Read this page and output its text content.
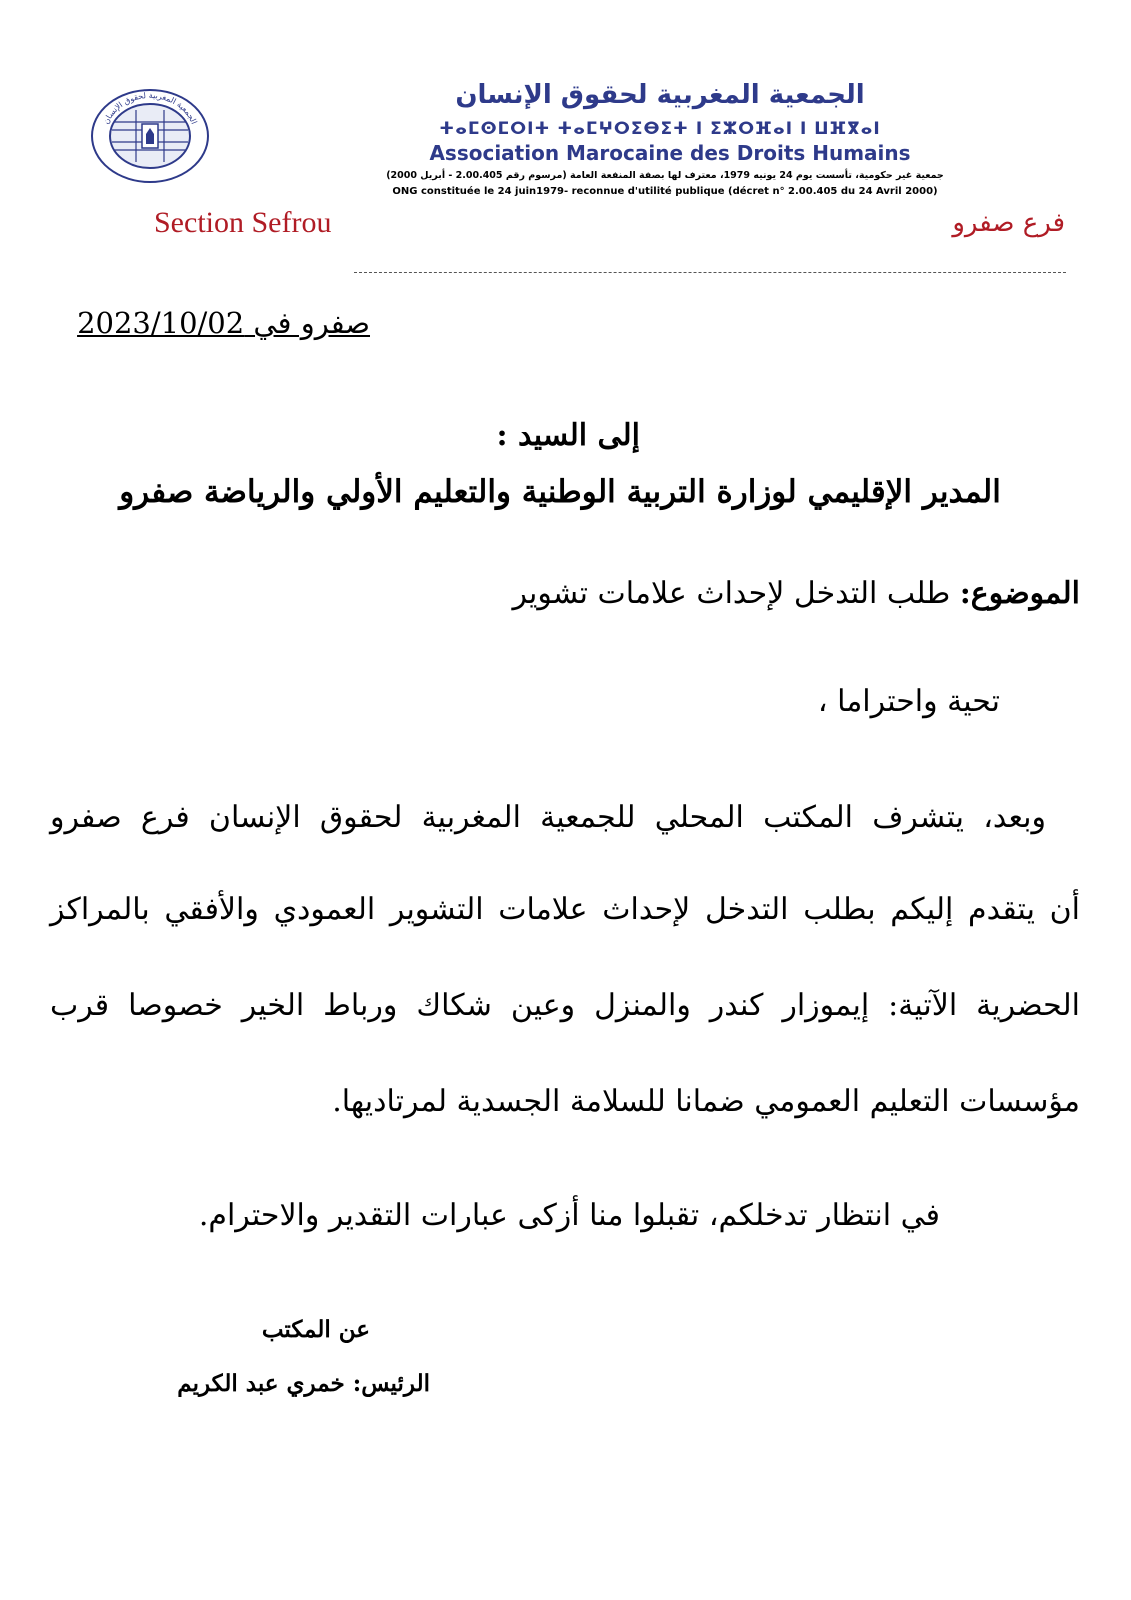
الجمعية المغربية لحقوق الإنسان
الجمعية المغربية لحقوق الإنسان
ⵜⴰⵎⵙⵎⵔⵏⵜ ⵜⴰⵎⵖⵔⵉⴱⵉⵜ ⵏ ⵉⵣⵔⴼⴰⵏ ⵏ ⵡⴼⴳⴰⵏ
Association Marocaine des Droits Humains
جمعية غير حكومية، تأسست يوم 24 يونيه 1979، معترف لها بصفة المنفعة العامة (مرسوم رقم 2.00.405 - أبريل 2000)
ONG constituée le 24 juin1979- reconnue d'utilité publique (décret n° 2.00.405 du 24 Avril 2000)
Section Sefrou	فرع صفرو
صفرو في 2023/10/02
إلى السيد :
المدير الإقليمي لوزارة التربية الوطنية والتعليم الأولي والرياضة صفرو
الموضوع: طلب التدخل لإحداث علامات تشوير
تحية واحتراما ،
وبعد، يتشرف المكتب المحلي للجمعية المغربية لحقوق الإنسان فرع صفرو
أن يتقدم إليكم بطلب التدخل لإحداث علامات التشوير العمودي والأفقي بالمراكز
الحضرية الآتية: إيموزار كندر والمنزل وعين شكاك ورباط الخير خصوصا قرب
مؤسسات التعليم العمومي ضمانا للسلامة الجسدية لمرتاديها.
في انتظار تدخلكم، تقبلوا منا أزكى عبارات التقدير والاحترام.
عن المكتب
الرئيس: خمري عبد الكريم
